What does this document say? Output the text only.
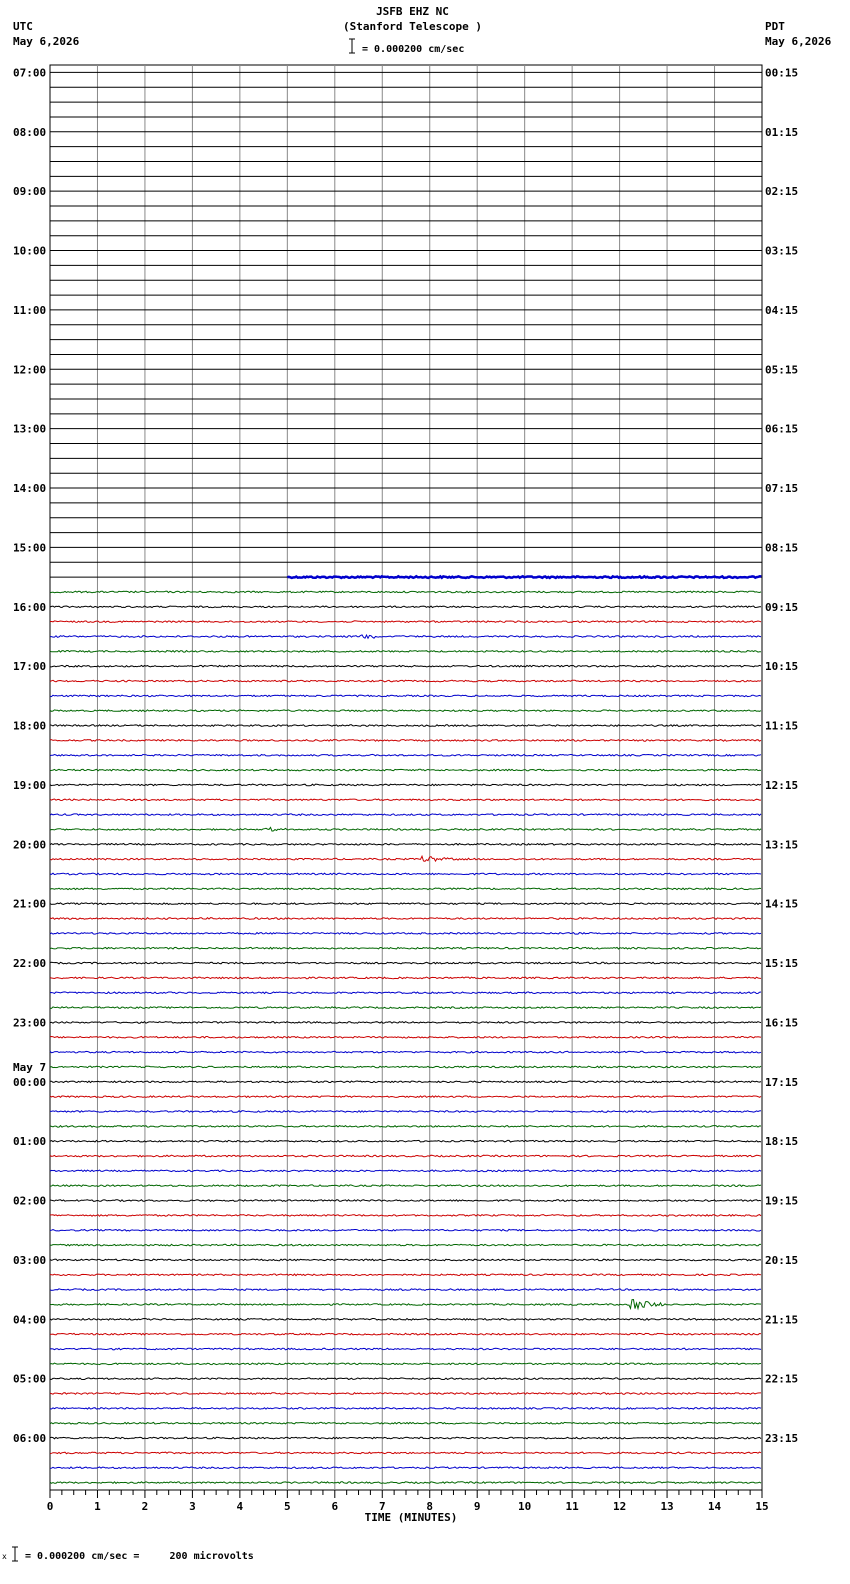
JSFB EHZ NC
(Stanford Telescope )
= 0.000200 cm/sec
UTC
May 6,2026
PDT
May 6,2026
07:00	00:15
08:00	01:15
09:00	02:15
10:00	03:15
11:00	04:15
12:00	05:15
13:00	06:15
14:00	07:15
15:00	08:15
16:00	09:15
17:00	10:15
18:00	11:15
19:00	12:15
20:00	13:15
21:00	14:15
22:00	15:15
23:00	16:15
00:00	17:15
01:00	18:15
02:00	19:15
03:00	20:15
04:00	21:15
05:00	22:15
06:00	23:15
May 7
0	1	2	3	4	5	6	7	8	9	10	11	12	13	14	15
TIME (MINUTES)
x = 0.000200 cm/sec =     200 microvolts
